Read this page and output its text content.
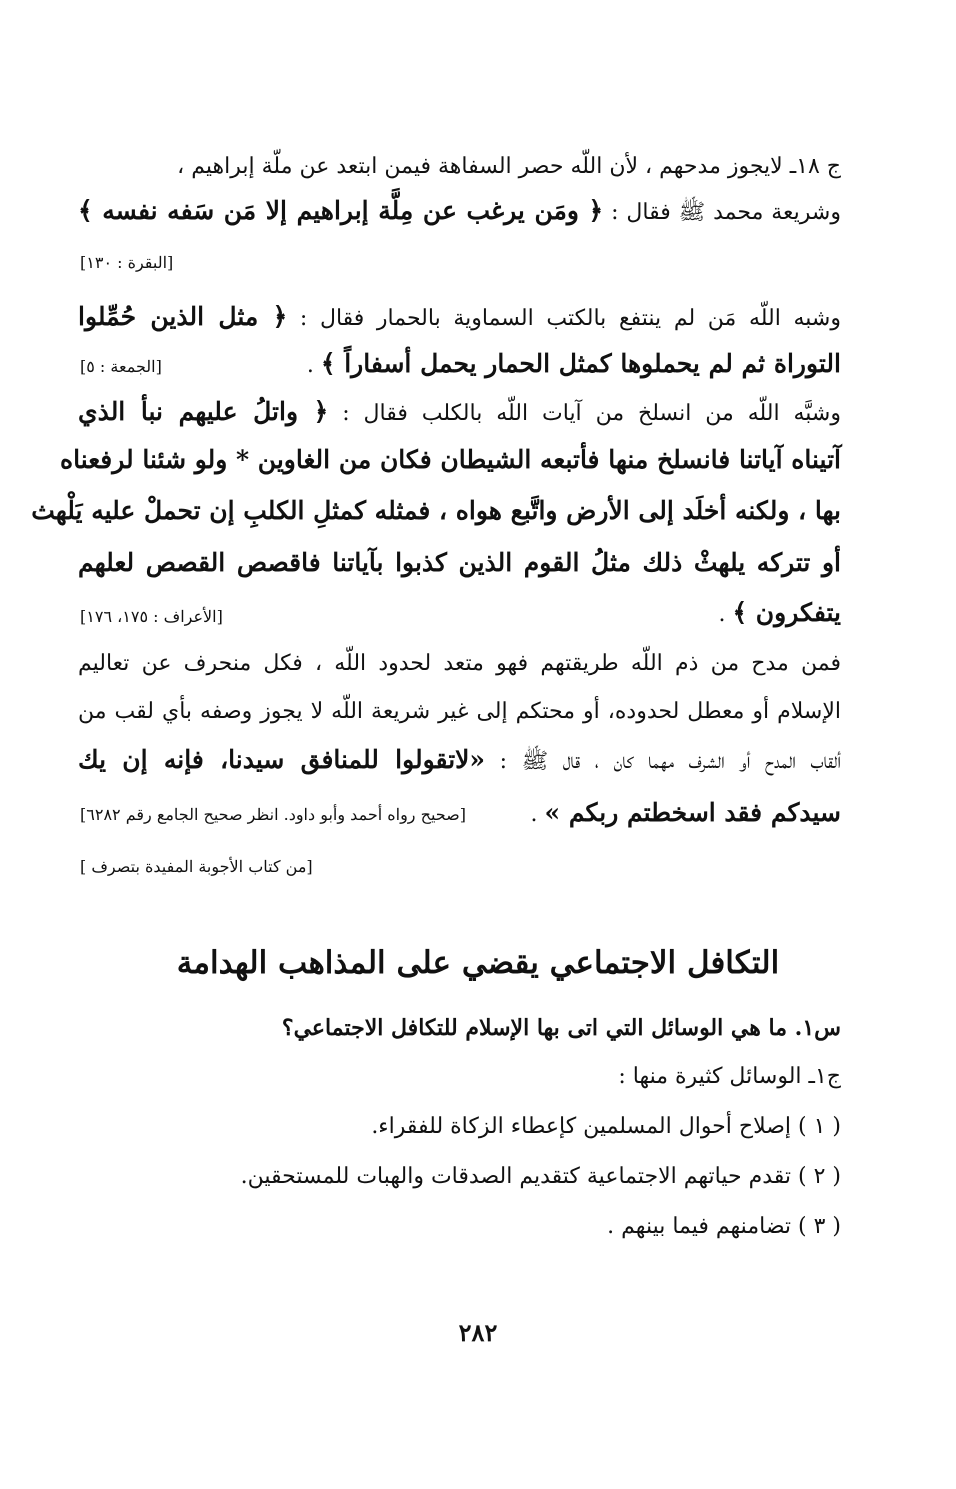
ج ١٨ـ لايجوز مدحهم ، لأن اللّه حصر السفاهة فيمن ابتعد عن ملّة إبراهيم ،
وشريعة محمد ﷺ فقال : ﴿ ومَن يرغب عن مِلَّة إبراهيم إلا مَن سَفه نفسه ﴾
[البقرة : ١٣٠]
وشبه اللّه مَن لم ينتفع بالكتب السماوية بالحمار فقال : ﴿ مثل الذين حُمِّلوا
التوراة ثم لم يحملوها كمثل الحمار يحمل أسفاراً ﴾ .
[الجمعة : ٥]
وشبَّه اللّه من انسلخ من آيات اللّه بالكلب فقال : ﴿ واتلُ عليهم نبأ الذي
آتيناه آياتنا فانسلخ منها فأتبعه الشيطان فكان من الغاوين * ولو شئنا لرفعناه
بها ، ولكنه أخلَد إلى الأرض واتَّبع هواه ، فمثله كمثلِ الكلبِ إن تحملْ عليه يَلْهث
أو تتركه يلهثْ ذلك مثلُ القوم الذين كذبوا بآياتنا فاقصص القصص لعلهم
يتفكرون ﴾ .
[الأعراف : ١٧٥، ١٧٦]
فمن مدح من ذم اللّه طريقتهم فهو متعد لحدود اللّه ، فكل منحرف عن تعاليم
الإسلام أو معطل لحدوده، أو محتكم إلى غير شريعة اللّه لا يجوز وصفه بأي لقب من
ألقاب المدح أو الشرف مهما كان ، قال ﷺ : «لاتقولوا للمنافق سيدنا، فإنه إن يك
سيدكم فقد اسخطتم ربكم » .
[صحيح رواه أحمد وأبو داود. انظر صحيح الجامع رقم ٦٢٨٢]
[من كتاب الأجوبة المفيدة بتصرف ]
التكافل الاجتماعي يقضي على المذاهب الهدامة
س١. ما هي الوسائل التي اتى بها الإسلام للتكافل الاجتماعي؟
ج١ـ الوسائل كثيرة منها :
( ١ ) إصلاح أحوال المسلمين كإعطاء الزكاة للفقراء.
( ٢ ) تقدم حياتهم الاجتماعية كتقديم الصدقات والهبات للمستحقين.
( ٣ ) تضامنهم فيما بينهم .
٢٨٢
